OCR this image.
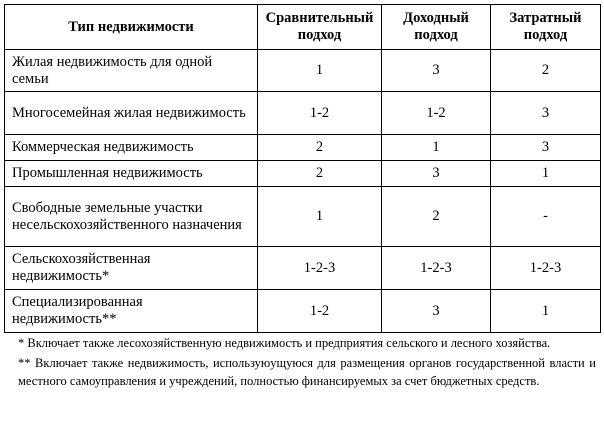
Тип недвижимости	Сравнительный подход	Доходный подход	Затратный подход
Жилая недвижимость для одной семьи	1	3	2
Многосемейная жилая недвижимость	1-2	1-2	3
Коммерческая недвижимость	2	1	3
Промышленная недвижимость	2	3	1
Свободные земельные участки несельскохозяйственного назначения	1	2	-
Сельскохозяйственная недвижимость*	1-2-3	1-2-3	1-2-3
Специализированная недвижимость**	1-2	3	1
* Включает также лесохозяйственную недвижимость и предприятия сельского и лесного хозяйства.
** Включает также недвижимость, используюущуюся для размещения органов государственной власти и местного самоуправления и учреждений, полностью финансируемых за счет бюджетных средств.
